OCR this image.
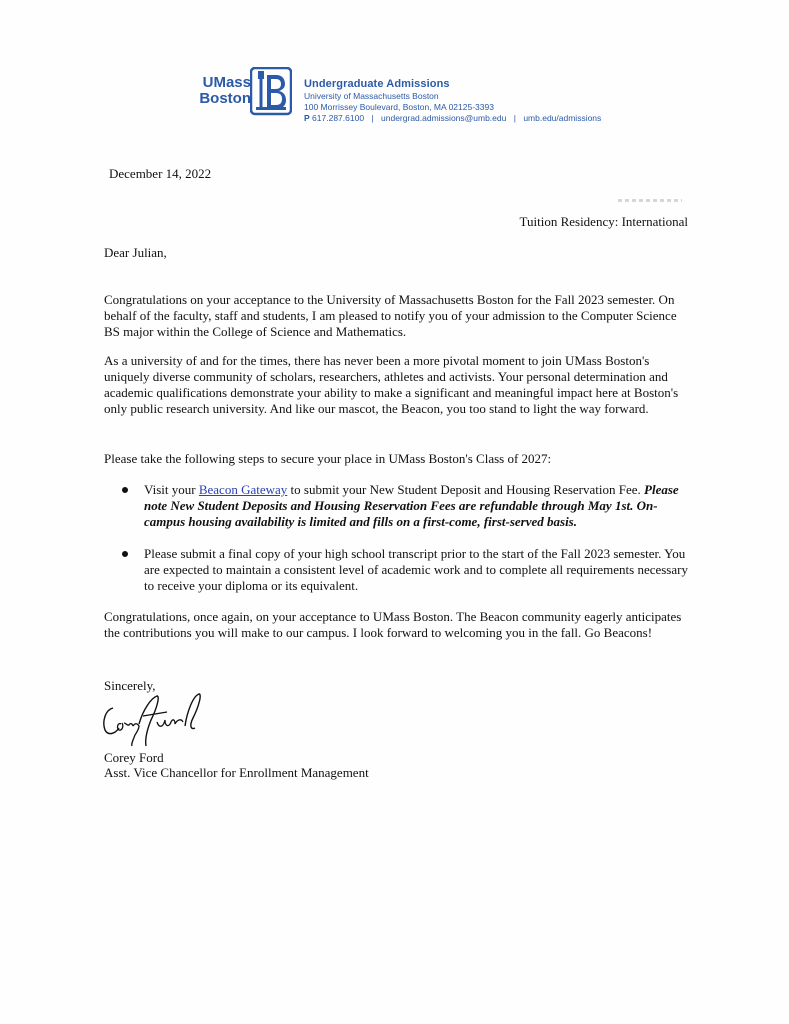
UMass
Boston
Undergraduate Admissions
University of Massachusetts Boston
100 Morrissey Boulevard, Boston, MA 02125-3393
P 617.287.6100 | undergrad.admissions@umb.edu | umb.edu/admissions
December 14, 2022
Tuition Residency: International
Dear Julian,
Congratulations on your acceptance to the University of Massachusetts Boston for the Fall 2023 semester. On behalf of the faculty, staff and students, I am pleased to notify you of your admission to the Computer Science BS major within the College of Science and Mathematics.
As a university of and for the times, there has never been a more pivotal moment to join UMass Boston's uniquely diverse community of scholars, researchers, athletes and activists. Your personal determination and academic qualifications demonstrate your ability to make a significant and meaningful impact here at Boston's only public research university. And like our mascot, the Beacon, you too stand to light the way forward.
Please take the following steps to secure your place in UMass Boston's Class of 2027:
Visit your Beacon Gateway to submit your New Student Deposit and Housing Reservation Fee. Please note New Student Deposits and Housing Reservation Fees are refundable through May 1st. On-campus housing availability is limited and fills on a first-come, first-served basis.
Please submit a final copy of your high school transcript prior to the start of the Fall 2023 semester. You are expected to maintain a consistent level of academic work and to complete all requirements necessary to receive your diploma or its equivalent.
Congratulations, once again, on your acceptance to UMass Boston. The Beacon community eagerly anticipates the contributions you will make to our campus. I look forward to welcoming you in the fall. Go Beacons!
Sincerely,
Corey Ford
Asst. Vice Chancellor for Enrollment Management
